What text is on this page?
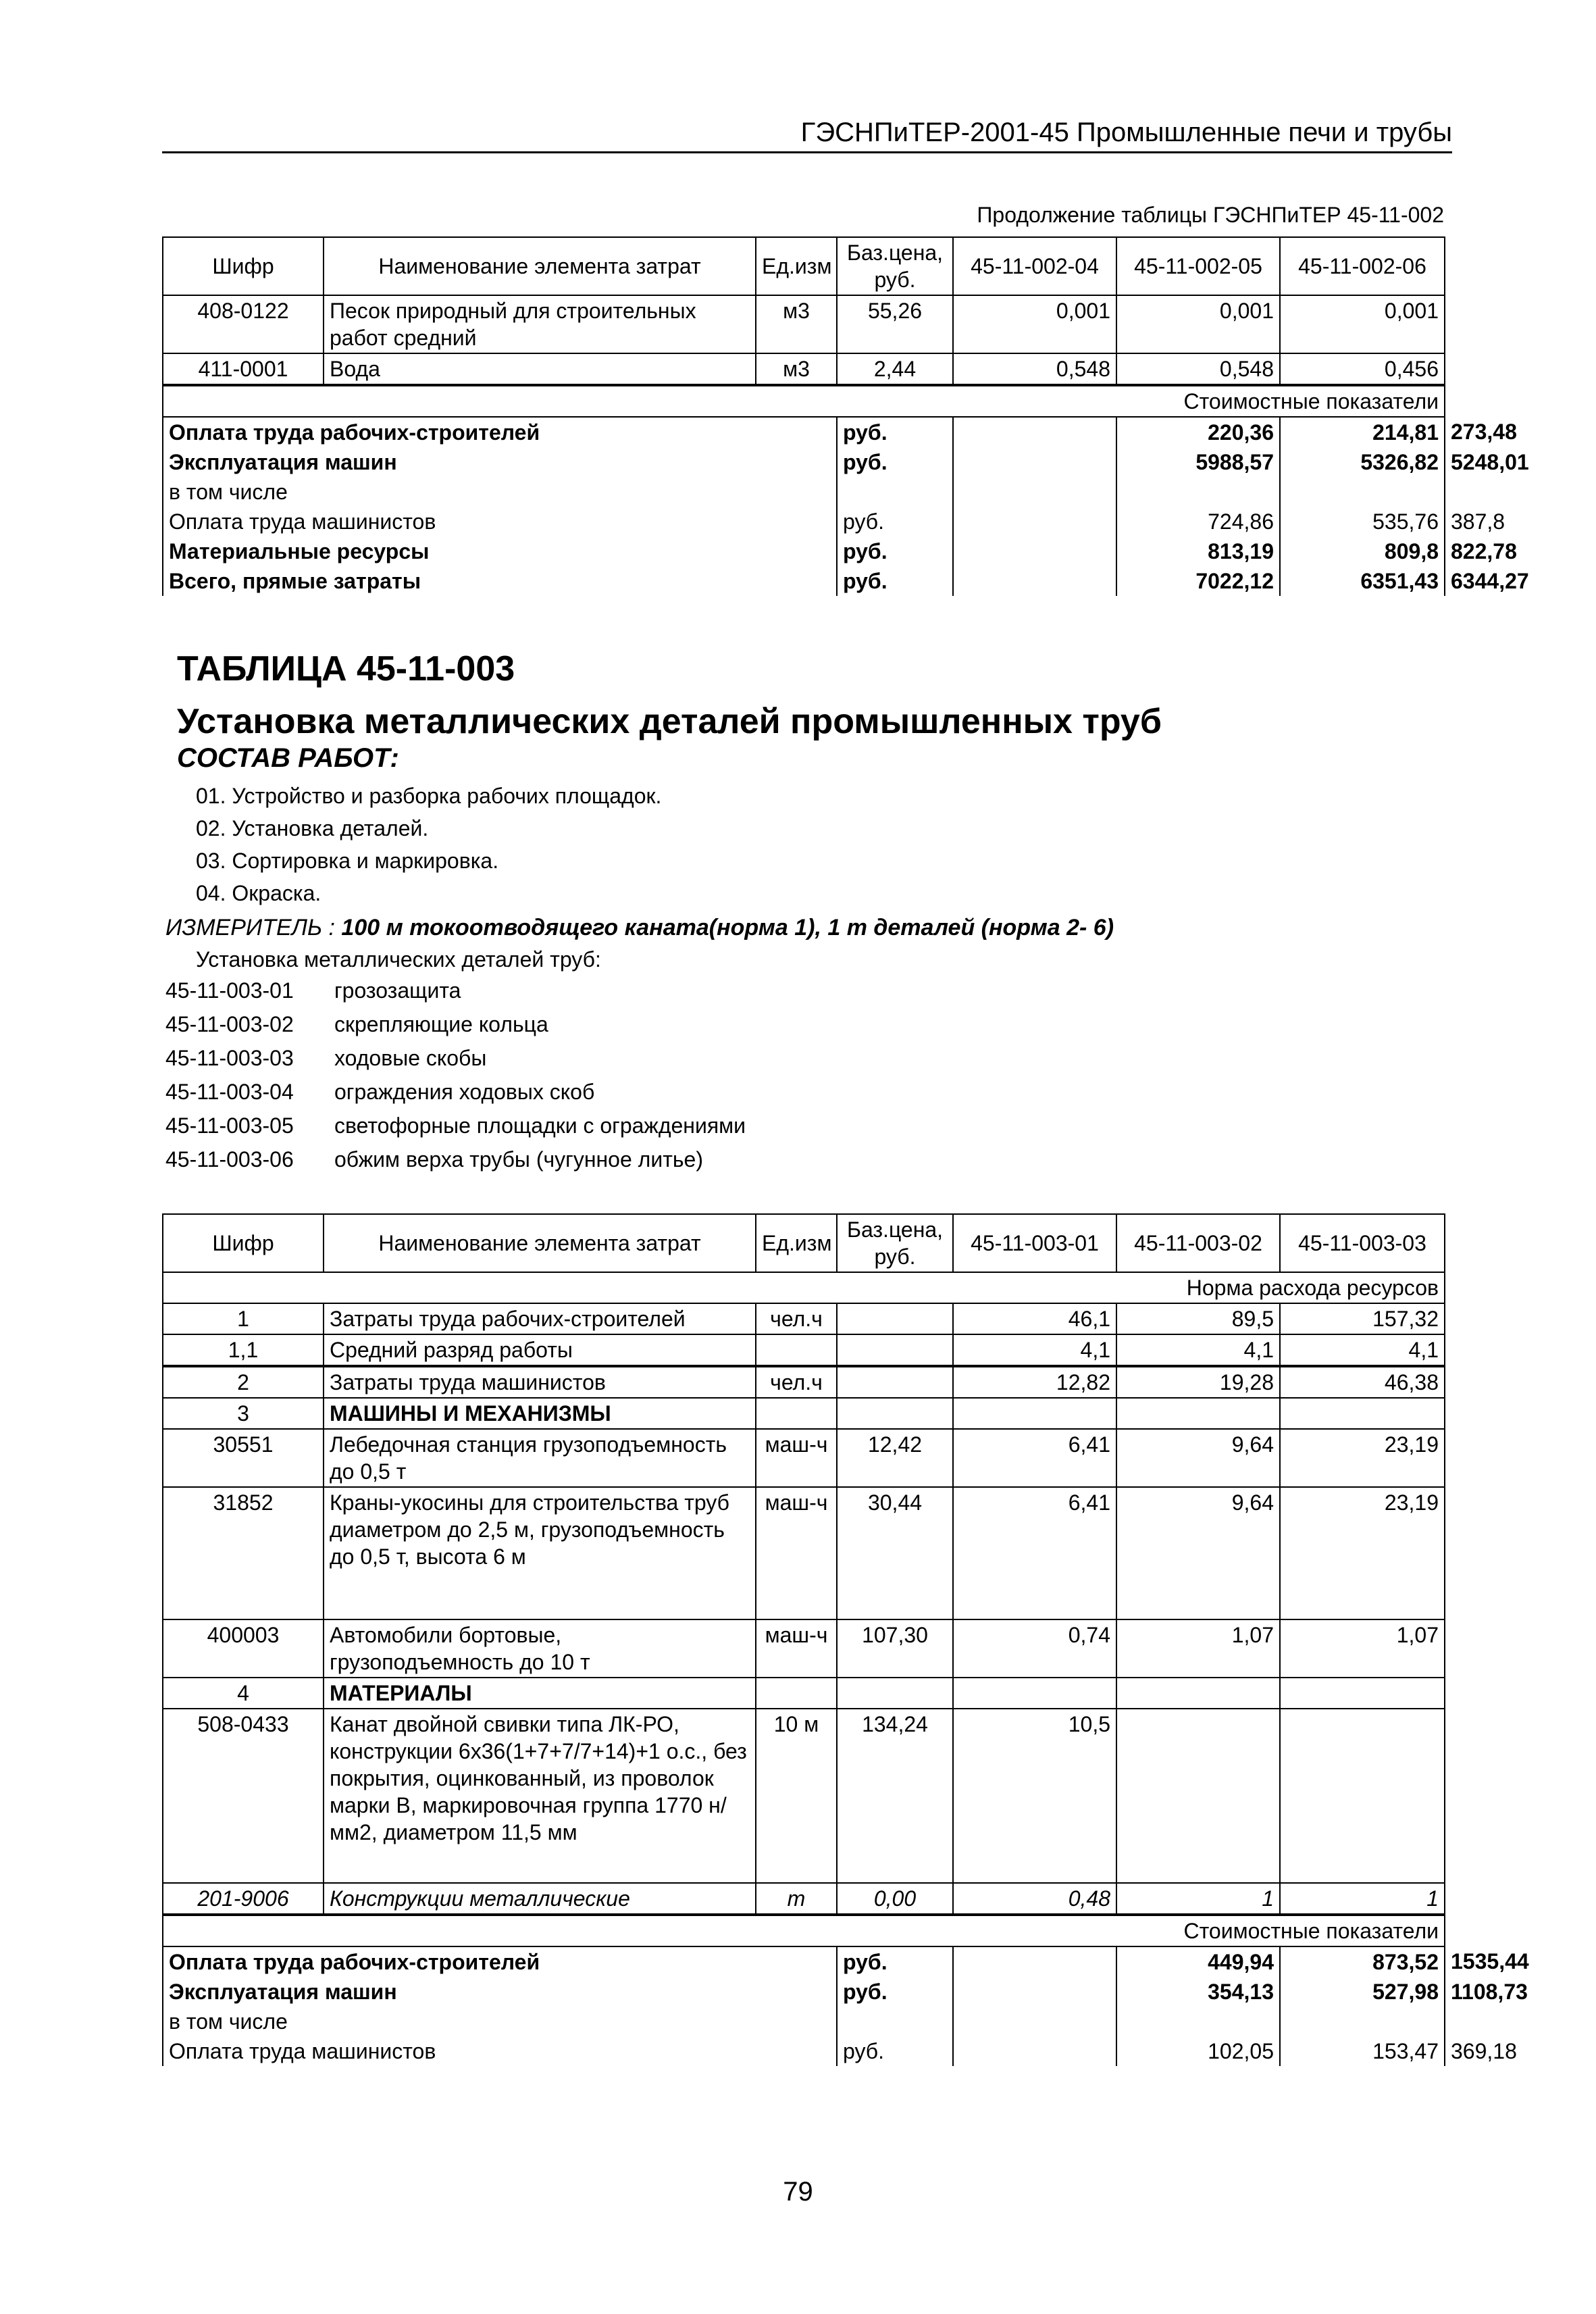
ГЭСНПиТЕР-2001-45 Промышленные печи и трубы
Продолжение таблицы ГЭСНПиТЕР 45-11-002
Шифр	Наименование элемента затрат	Ед.изм	Баз.цена, руб.	45-11-002-04	45-11-002-05	45-11-002-06	
408-0122	Песок природный для строительных работ средний	м3	55,26	0,001	0,001	0,001	
411-0001	Вода	м3	2,44	0,548	0,548	0,456	
Стоимостные показатели							
Оплата труда рабочих-строителей			руб.		220,36	214,81	273,48
Эксплуатация машин			руб.		5988,57	5326,82	5248,01
в том числе							
Оплата труда машинистов			руб.		724,86	535,76	387,8
Материальные ресурсы			руб.		813,19	809,8	822,78
Всего, прямые затраты			руб.		7022,12	6351,43	6344,27
ТАБЛИЦА 45-11-003
Установка металлических деталей промышленных труб
СОСТАВ РАБОТ:
01. Устройство и разборка рабочих площадок.
02. Установка деталей.
03. Сортировка и маркировка.
04. Окраска.
ИЗМЕРИТЕЛЬ : 100 м токоотводящего каната(норма 1), 1 т деталей (норма 2- 6)
Установка металлических деталей труб:
45-11-003-01 грозозащита
45-11-003-02 скрепляющие кольца
45-11-003-03 ходовые скобы
45-11-003-04 ограждения ходовых скоб
45-11-003-05 светофорные площадки с ограждениями
45-11-003-06 обжим верха трубы (чугунное литье)
Шифр	Наименование элемента затрат	Ед.изм	Баз.цена, руб.	45-11-003-01	45-11-003-02	45-11-003-03	
Норма расхода ресурсов							
1	Затраты труда рабочих-строителей	чел.ч		46,1	89,5	157,32	
1,1	Средний разряд работы			4,1	4,1	4,1	
2	Затраты труда машинистов	чел.ч		12,82	19,28	46,38	
3	МАШИНЫ И МЕХАНИЗМЫ						
30551	Лебедочная станция грузоподъемность до 0,5 т	маш-ч	12,42	6,41	9,64	23,19	
31852	Краны-укосины для строительства труб диаметром до 2,5 м, грузоподъемность до 0,5 т, высота 6 м	маш-ч	30,44	6,41	9,64	23,19	
400003	Автомобили бортовые, грузоподъемность до 10 т	маш-ч	107,30	0,74	1,07	1,07	
4	МАТЕРИАЛЫ						
508-0433	Канат двойной свивки типа ЛК-РО, конструкции 6х36(1+7+7/7+14)+1 о.с., без покрытия, оцинкованный, из проволок марки В, маркировочная группа 1770 н/мм2, диаметром 11,5 мм	10 м	134,24	10,5			
201-9006	Конструкции металлические	т	0,00	0,48	1	1	
Стоимостные показатели							
Оплата труда рабочих-строителей			руб.		449,94	873,52	1535,44
Эксплуатация машин			руб.		354,13	527,98	1108,73
в том числе							
Оплата труда машинистов			руб.		102,05	153,47	369,18
79
